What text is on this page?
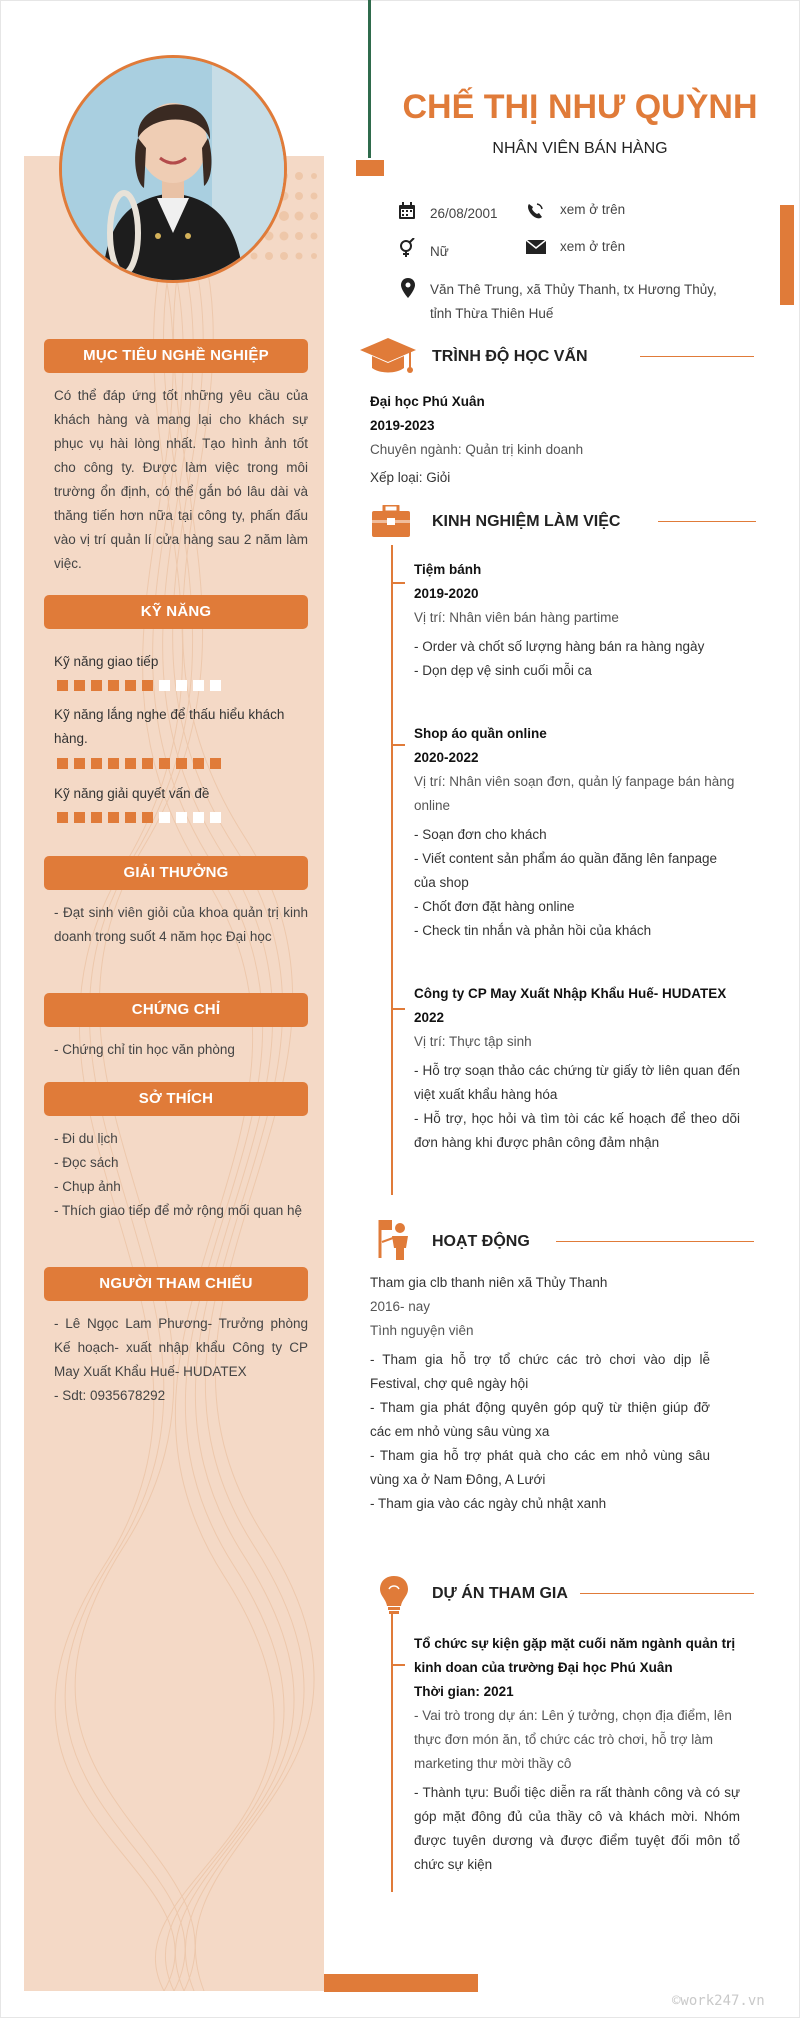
MỤC TIÊU NGHỀ NGHIỆP
Có thể đáp ứng tốt những yêu cầu của khách hàng và mang lại cho khách sự phục vụ hài lòng nhất. Tạo hình ảnh tốt cho công ty. Được làm việc trong môi trường ổn định, có thể gắn bó lâu dài và thăng tiến hơn nữa tại công ty, phấn đấu vào vị trí quản lí cửa hàng sau 2 năm làm việc.
KỸ NĂNG
Kỹ năng giao tiếp
Kỹ năng lắng nghe để thấu hiểu khách hàng.
Kỹ năng giải quyết vấn đề
GIẢI THƯỞNG
- Đạt sinh viên giỏi của khoa quản trị kinh doanh trong suốt 4 năm học Đại học
CHỨNG CHỈ
- Chứng chỉ tin học văn phòng
SỞ THÍCH
- Đi du lịch
- Đọc sách
- Chụp ảnh
- Thích giao tiếp để mở rộng mối quan hệ
NGƯỜI THAM CHIẾU
- Lê Ngọc Lam Phương- Trưởng phòng Kế hoạch- xuất nhập khẩu Công ty CP May Xuất Khẩu Huế- HUDATEX
- Sdt: 0935678292
CHẾ THỊ NHƯ QUỲNH
NHÂN VIÊN BÁN HÀNG
26/08/2001	xem ở trên
Nữ	xem ở trên
Văn Thê Trung, xã Thủy Thanh, tx Hương Thủy,
tỉnh Thừa Thiên Huế
TRÌNH ĐỘ HỌC VẤN
Đại học Phú Xuân
2019-2023
Chuyên ngành: Quản trị kinh doanh
Xếp loại: Giỏi
KINH NGHIỆM LÀM VIỆC
Tiệm bánh
2019-2020
Vị trí: Nhân viên bán hàng partime
- Order và chốt số lượng hàng bán ra hàng ngày
- Dọn dẹp vệ sinh cuối mỗi ca
Shop áo quần online
2020-2022
Vị trí: Nhân viên soạn đơn, quản lý fanpage bán hàng online
- Soạn đơn cho khách
- Viết content sản phẩm áo quần đăng lên fanpage của shop
- Chốt đơn đặt hàng online
- Check tin nhắn và phản hồi của khách
Công ty CP May Xuất Nhập Khẩu Huế- HUDATEX
2022
Vị trí: Thực tập sinh
- Hỗ trợ soạn thảo các chứng từ giấy tờ liên quan đến việt xuất khẩu hàng hóa
- Hỗ trợ, học hỏi và tìm tòi các kế hoạch để theo dõi đơn hàng khi được phân công đảm nhận
HOẠT ĐỘNG
Tham gia clb thanh niên xã Thủy Thanh
2016- nay
Tình nguyện viên
- Tham gia hỗ trợ tổ chức các trò chơi vào dịp lễ Festival, chợ quê ngày hội
- Tham gia phát động quyên góp quỹ từ thiện giúp đỡ các em nhỏ vùng sâu vùng xa
- Tham gia hỗ trợ phát quà cho các em nhỏ vùng sâu vùng xa ở Nam Đông, A Lưới
- Tham gia vào các ngày chủ nhật xanh
DỰ ÁN THAM GIA
Tổ chức sự kiện gặp mặt cuối năm ngành quản trị kinh doan của trường Đại học Phú Xuân
Thời gian: 2021
- Vai trò trong dự án: Lên ý tưởng, chọn địa điểm, lên thực đơn món ăn, tổ chức các trò chơi, hỗ trợ làm marketing thư mời thầy cô
- Thành tựu: Buổi tiệc diễn ra rất thành công và có sự góp mặt đông đủ của thầy cô và khách mời. Nhóm được tuyên dương và được điểm tuyệt đối môn tổ chức sự kiện
©work247.vn
